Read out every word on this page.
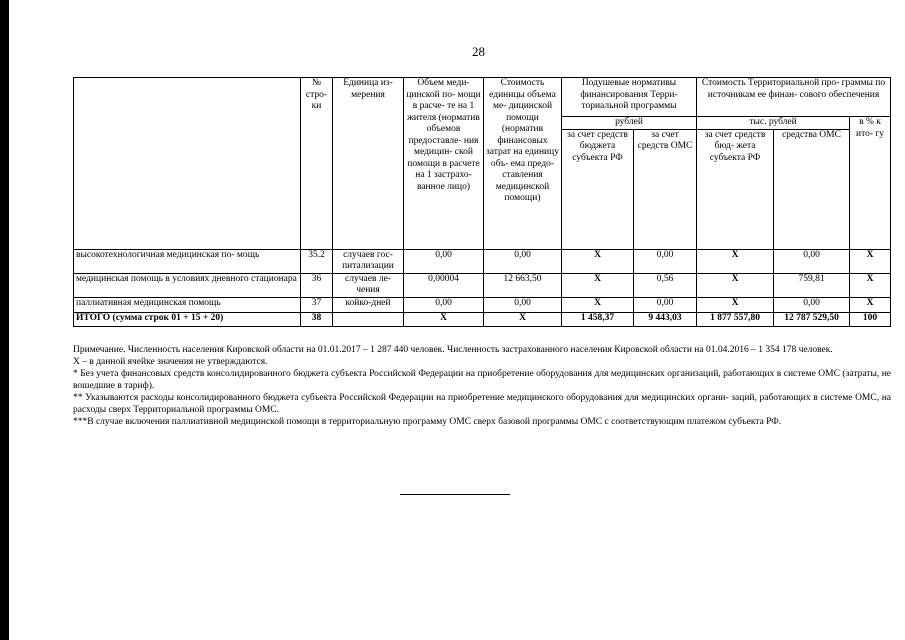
28
	№ стро- ки	Единица из- мерения	Объем меди- цинской по- мощи в расче- те на 1 жителя (норматив объемов предоставле- ния медицин- ской помощи в расчете на 1 застрахо- ванное лицо)	Стоимость единицы объема ме- дицинской помощи (норматив финансовых затрат на единицу объ- ема предо- ставления медицинской помощи)	Подушевые нормативы финансирования Терри- ториальной программы		Стоимость Территориальной про- граммы по источникам ее финан- сового обеспечения		
					рублей		тыс. рублей		в % к ито- гу
					за счет средств бюджета субъекта РФ	за счет средств ОМС	за счет средств бюд- жета субъекта РФ	средства ОМС	
высокотехнологичная медицинская по- мощь	35.2	случаев гос- питализации	0,00	0,00	Х	0,00	Х	0,00	Х
медицинская помощь в условиях дневного стационара	36	случаев ле- чения	0,00004	12 663,50	Х	0,56	Х	759,81	Х
паллиативная медицинская помощь	37	койко-дней	0,00	0,00	Х	0,00	Х	0,00	Х
ИТОГО (сумма строк 01 + 15 + 20)	38		Х	Х	1 458,37	9 443,03	1 877 557,80	12 787 529,50	100

Примечание. Численность населения Кировской области на 01.01.2017 – 1 287 440 человек. Численность застрахованного населения Кировской области на 01.04.2016 – 1 354 178 человек.

Х – в данной ячейке значения не утверждаются.

* Без учета финансовых средств консолидированного бюджета субъекта Российской Федерации на приобретение оборудования для медицинских организаций, работающих в системе ОМС (затраты, не вошедшие в тариф).

** Указываются расходы консолидированного бюджета субъекта Российской Федерации на приобретение медицинского оборудования для медицинских органи- заций, работающих в системе ОМС, на расходы сверх Территориальной программы ОМС.

***В случае включения паллиативной медицинской помощи в территориальную программу ОМС сверх базовой программы ОМС с соответствующим платежом субъекта РФ.
